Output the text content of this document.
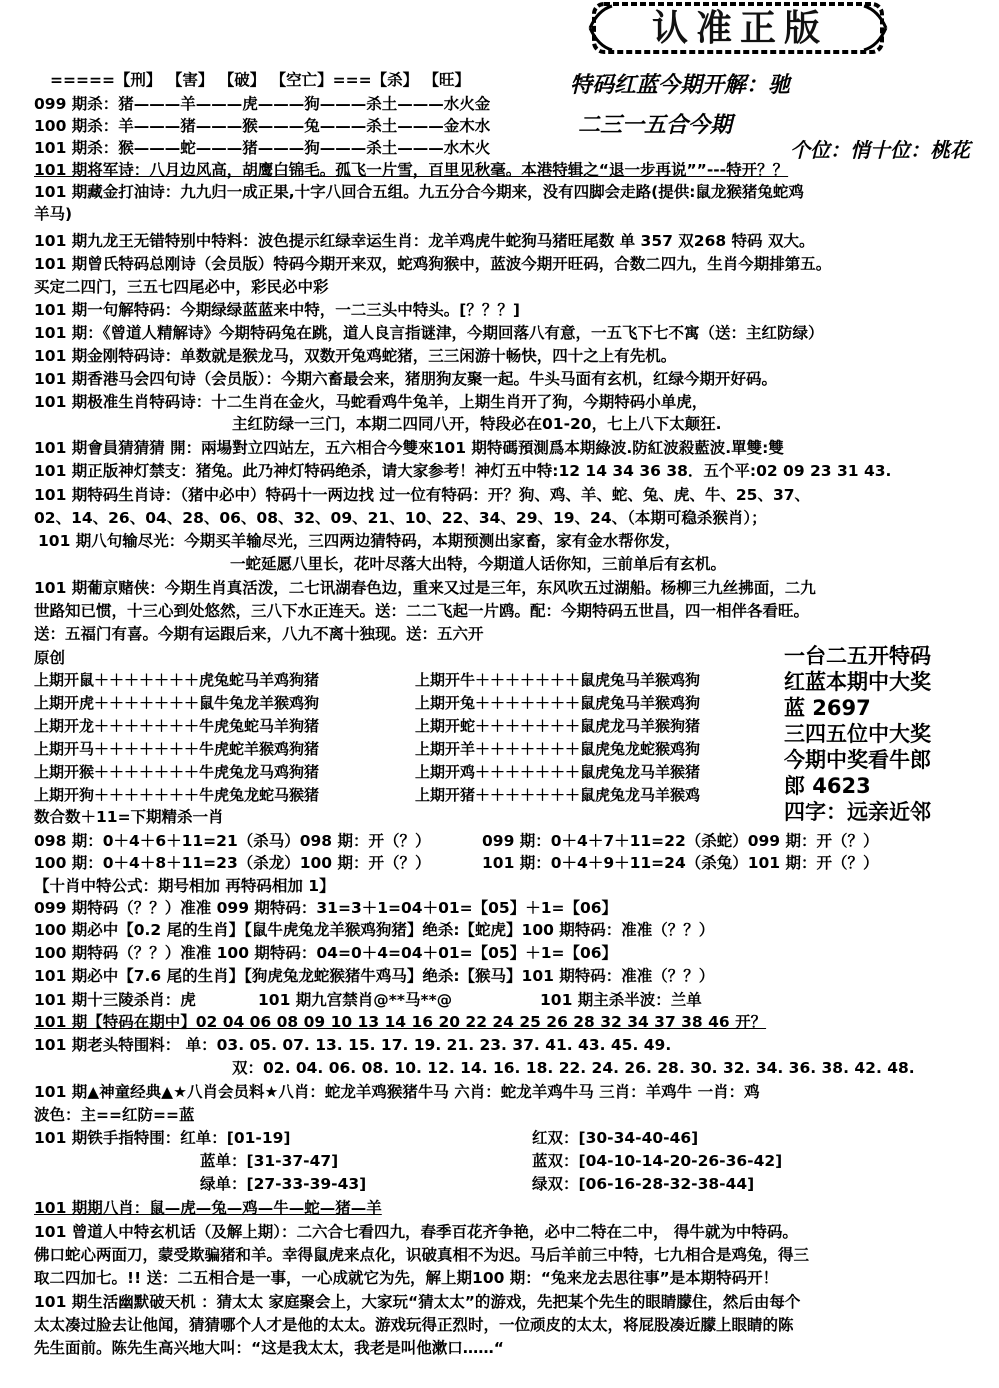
认准正版
特码红蓝今期开解：驰
二三一五合今期
个位：悄十位：桃花
=====【刑】 【害】 【破】 【空亡】===【杀】 【旺】
099 期杀：猪———羊———虎———狗———杀土———水火金
100 期杀：羊———猪———猴———兔———杀土———金木水
101 期杀：猴———蛇———猪———狗———杀土———水木火
101 期将军诗：八月边风高，胡鹰白锦毛。孤飞一片雪，百里见秋毫。本港特辑之“退一步再说””---特开？？
101 期藏金打油诗：九九归一成正果,十字八回合五组。九五分合今期来，没有四脚会走路(提供:鼠龙猴猪兔蛇鸡
羊马)
101 期九龙王无错特别中特料：波色提示红绿幸运生肖：龙羊鸡虎牛蛇狗马猪旺尾数 单 357 双268 特码 双大。
101 期曾氏特码总刚诗（会员版）特码今期开来双，蛇鸡狗猴中，蓝波今期开旺码，合数二四九，生肖今期排第五。
买定二四门，三五七四尾必中，彩民必中彩
101 期一句解特码：今期绿绿蓝蓝来中特，一二三头中特头。[？？？]
101 期：《曾道人精解诗》今期特码兔在跳，道人良言指谜津，今期回落八有意，一五飞下七不寓（送：主红防绿）
101 期金刚特码诗：单数就是猴龙马，双数开兔鸡蛇猪，三三闲游十畅快，四十之上有先机。
101 期香港马会四句诗（会员版）：今期六畜最会来，猪朋狗友聚一起。牛头马面有玄机，红绿今期开好码。
101 期极准生肖特码诗：十二生肖在金火，马蛇看鸡牛兔羊，上期生肖开了狗，今期特码小单虎，
主红防绿一三门，本期二四同八开，特段必在01-20，七上八下太颠狂.
101 期會員猜猜猜 開：兩場對立四站左，五六相合今雙來101 期特碼預測爲本期綠波.防紅波殺藍波.單雙:雙
101 期正版神灯禁支：猪兔。此乃神灯特码绝杀，请大家参考！神灯五中特:12 14 34 36 38．五个平:02 09 23 31 43.
101 期特码生肖诗：（猪中必中）特码十一两边找 过一位有特码：开？狗、鸡、羊、蛇、兔、虎、牛、25、37、
02、14、26、04、28、06、08、32、09、21、10、22、34、29、19、24、（本期可稳杀猴肖）；
101 期八句输尽光：今期买羊输尽光，三四两边猜特码，本期预测出家畜，家有金水帮你发，
一蛇延愿八里长，花叶尽落大出特，今期道人话你知，三前单后有玄机。
101 期葡京赌侠：今期生肖真活泼，二七讯湖春色边，重来又过是三年，东风吹五过湖船。杨柳三九丝拂面，二九
世路知已惯，十三心到处悠然，三八下水正连天。送：二二飞起一片鸥。配：今期特码五世昌，四一相伴各看旺。
送：五福门有喜。今期有运跟后来，八九不离十独现。送：五六开
原创
上期开鼠＋＋＋＋＋＋＋虎兔蛇马羊鸡狗猪	上期开牛＋＋＋＋＋＋＋鼠虎兔马羊猴鸡狗
上期开虎＋＋＋＋＋＋＋鼠牛兔龙羊猴鸡狗	上期开兔＋＋＋＋＋＋＋鼠虎兔马羊猴鸡狗
上期开龙＋＋＋＋＋＋＋牛虎兔蛇马羊狗猪	上期开蛇＋＋＋＋＋＋＋鼠虎龙马羊猴狗猪
上期开马＋＋＋＋＋＋＋牛虎蛇羊猴鸡狗猪	上期开羊＋＋＋＋＋＋＋鼠虎兔龙蛇猴鸡狗
上期开猴＋＋＋＋＋＋＋牛虎兔龙马鸡狗猪	上期开鸡＋＋＋＋＋＋＋鼠虎兔龙马羊猴猪
上期开狗＋＋＋＋＋＋＋牛虎兔龙蛇马猴猪	上期开猪＋＋＋＋＋＋＋鼠虎兔龙马羊猴鸡
数合数＋11=下期精杀一肖
一台二五开特码
红蓝本期中大奖
蓝 2697
三四五位中大奖
今期中奖看牛郎
郎 4623
四字：远亲近邻
098 期：0＋4＋6＋11=21（杀马）098 期：开（？）	099 期：0＋4＋7＋11=22（杀蛇）099 期：开（？）
100 期：0＋4＋8＋11=23（杀龙）100 期：开（？）	101 期：0＋4＋9＋11=24（杀兔）101 期：开（？）
【十肖中特公式：期号相加 再特码相加 1】
099 期特码（？？）准准 099 期特码：31=3＋1=04＋01=【05】＋1=【06】
100 期必中【0.2 尾的生肖】【鼠牛虎兔龙羊猴鸡狗猪】绝杀:【蛇虎】100 期特码：准准（？？）
100 期特码（？？）准准 100 期特码：04=0＋4=04＋01=【05】＋1=【06】
101 期必中【7.6 尾的生肖】【狗虎兔龙蛇猴猪牛鸡马】绝杀:【猴马】101 期特码：准准（？？）
101 期十三陵杀肖：虎	101 期九宫禁肖@**马**@	101 期主杀半波：兰单
101 期【特码在期中】02 04 06 08 09 10 13 14 16 20 22 24 25 26 28 32 34 37 38 46 开？
101 期老头特围料： 单：03. 05. 07. 13. 15. 17. 19. 21. 23. 37. 41. 43. 45. 49.
双：02. 04. 06. 08. 10. 12. 14. 16. 18. 22. 24. 26. 28. 30. 32. 34. 36. 38. 42. 48.
101 期▲神童经典▲★八肖会员料★八肖：蛇龙羊鸡猴猪牛马 六肖：蛇龙羊鸡牛马 三肖：羊鸡牛 一肖：鸡
波色：主==红防==蓝
101 期铁手指特围：红单：[01-19]	红双：[30-34-40-46]
蓝单：[31-37-47]	蓝双：[04-10-14-20-26-36-42]
绿单：[27-33-39-43]	绿双：[06-16-28-32-38-44]
101 期期八肖：鼠—虎—兔—鸡—牛—蛇—猪—羊
101 曾道人中特玄机话（及解上期）：二六合七看四九，春季百花齐争艳，必中二特在二中， 得牛就为中特码。
佛口蛇心两面刀，蒙受欺骗猪和羊。幸得鼠虎来点化，识破真相不为迟。马后羊前三中特，七九相合是鸡兔，得三
取二四加七。!! 送：二五相合是一事，一心成就它为先，解上期100 期：“兔来龙去思往事”是本期特码开！
101 期生活幽默破天机 ：猜太太 家庭聚会上，大家玩“猜太太”的游戏，先把某个先生的眼睛朦住，然后由每个
太太凑过脸去让他闻，猜猜哪个人才是他的太太。游戏玩得正烈时，一位顽皮的太太，将屁股凑近朦上眼睛的陈
先生面前。陈先生高兴地大叫：“这是我太太，我老是叫他漱口……“
